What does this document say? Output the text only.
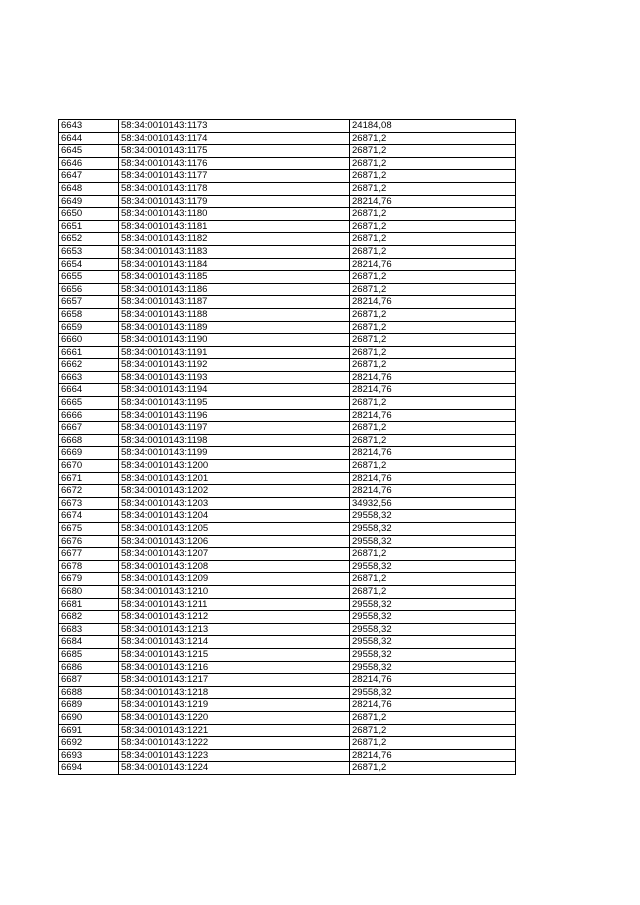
6643	58:34:0010143:1173	24184,08
6644	58:34:0010143:1174	26871,2
6645	58:34:0010143:1175	26871,2
6646	58:34:0010143:1176	26871,2
6647	58:34:0010143:1177	26871,2
6648	58:34:0010143:1178	26871,2
6649	58:34:0010143:1179	28214,76
6650	58:34:0010143:1180	26871,2
6651	58:34:0010143:1181	26871,2
6652	58:34:0010143:1182	26871,2
6653	58:34:0010143:1183	26871,2
6654	58:34:0010143:1184	28214,76
6655	58:34:0010143:1185	26871,2
6656	58:34:0010143:1186	26871,2
6657	58:34:0010143:1187	28214,76
6658	58:34:0010143:1188	26871,2
6659	58:34:0010143:1189	26871,2
6660	58:34:0010143:1190	26871,2
6661	58:34:0010143:1191	26871,2
6662	58:34:0010143:1192	26871,2
6663	58:34:0010143:1193	28214,76
6664	58:34:0010143:1194	28214,76
6665	58:34:0010143:1195	26871,2
6666	58:34:0010143:1196	28214,76
6667	58:34:0010143:1197	26871,2
6668	58:34:0010143:1198	26871,2
6669	58:34:0010143:1199	28214,76
6670	58:34:0010143:1200	26871,2
6671	58:34:0010143:1201	28214,76
6672	58:34:0010143:1202	28214,76
6673	58:34:0010143:1203	34932,56
6674	58:34:0010143:1204	29558,32
6675	58:34:0010143:1205	29558,32
6676	58:34:0010143:1206	29558,32
6677	58:34:0010143:1207	26871,2
6678	58:34:0010143:1208	29558,32
6679	58:34:0010143:1209	26871,2
6680	58:34:0010143:1210	26871,2
6681	58:34:0010143:1211	29558,32
6682	58:34:0010143:1212	29558,32
6683	58:34:0010143:1213	29558,32
6684	58:34:0010143:1214	29558,32
6685	58:34:0010143:1215	29558,32
6686	58:34:0010143:1216	29558,32
6687	58:34:0010143:1217	28214,76
6688	58:34:0010143:1218	29558,32
6689	58:34:0010143:1219	28214,76
6690	58:34:0010143:1220	26871,2
6691	58:34:0010143:1221	26871,2
6692	58:34:0010143:1222	26871,2
6693	58:34:0010143:1223	28214,76
6694	58:34:0010143:1224	26871,2
